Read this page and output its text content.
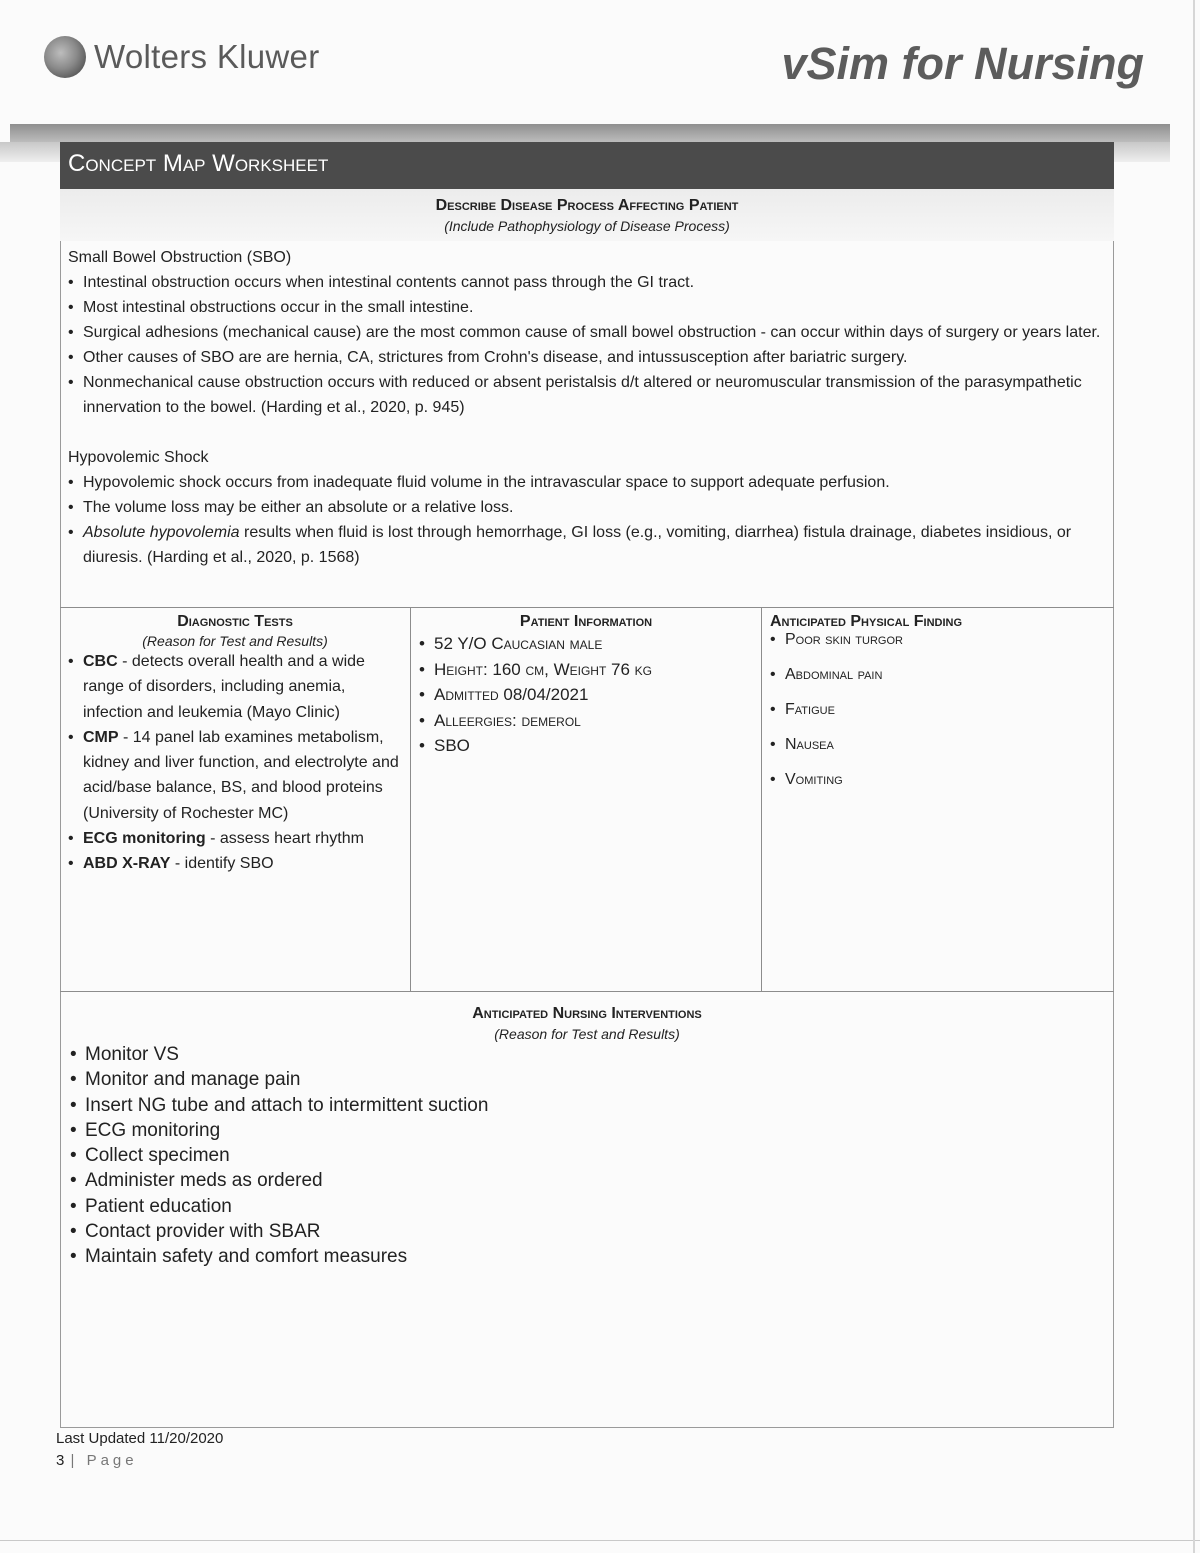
Wolters Kluwer	vSim for Nursing
Concept Map Worksheet
Describe Disease Process Affecting Patient
(Include Pathophysiology of Disease Process)
Small Bowel Obstruction (SBO)
• Intestinal obstruction occurs when intestinal contents cannot pass through the GI tract.
• Most intestinal obstructions occur in the small intestine.
• Surgical adhesions (mechanical cause) are the most common cause of small bowel obstruction - can occur within days of surgery or years later.
• Other causes of SBO are are hernia, CA, strictures from Crohn's disease, and intussusception after bariatric surgery.
• Nonmechanical cause obstruction occurs with reduced or absent peristalsis d/t altered or neuromuscular transmission of the parasympathetic innervation to the bowel. (Harding et al., 2020, p. 945)
Hypovolemic Shock
• Hypovolemic shock occurs from inadequate fluid volume in the intravascular space to support adequate perfusion.
• The volume loss may be either an absolute or a relative loss.
• Absolute hypovolemia results when fluid is lost through hemorrhage, GI loss (e.g., vomiting, diarrhea) fistula drainage, diabetes insidious, or diuresis. (Harding et al., 2020, p. 1568)
Diagnostic Tests
(Reason for Test and Results)
• CBC - detects overall health and a wide range of disorders, including anemia, infection and leukemia (Mayo Clinic)
• CMP - 14 panel lab examines metabolism, kidney and liver function, and electrolyte and acid/base balance, BS, and blood proteins (University of Rochester MC)
• ECG monitoring - assess heart rhythm
• ABD X-RAY - identify SBO
Patient Information
• 52 Y/O Caucasian male
• Height: 160 cm, Weight 76 kg
• Admitted 08/04/2021
• Alleergies: demerol
• SBO
Anticipated Physical Finding
• Poor skin turgor
• Abdominal pain
• Fatigue
• Nausea
• Vomiting
Anticipated Nursing Interventions
(Reason for Test and Results)
• Monitor VS
• Monitor and manage pain
• Insert NG tube and attach to intermittent suction
• ECG monitoring
• Collect specimen
• Administer meds as ordered
• Patient education
• Contact provider with SBAR
• Maintain safety and comfort measures
Last Updated 11/20/2020
3 | Page
